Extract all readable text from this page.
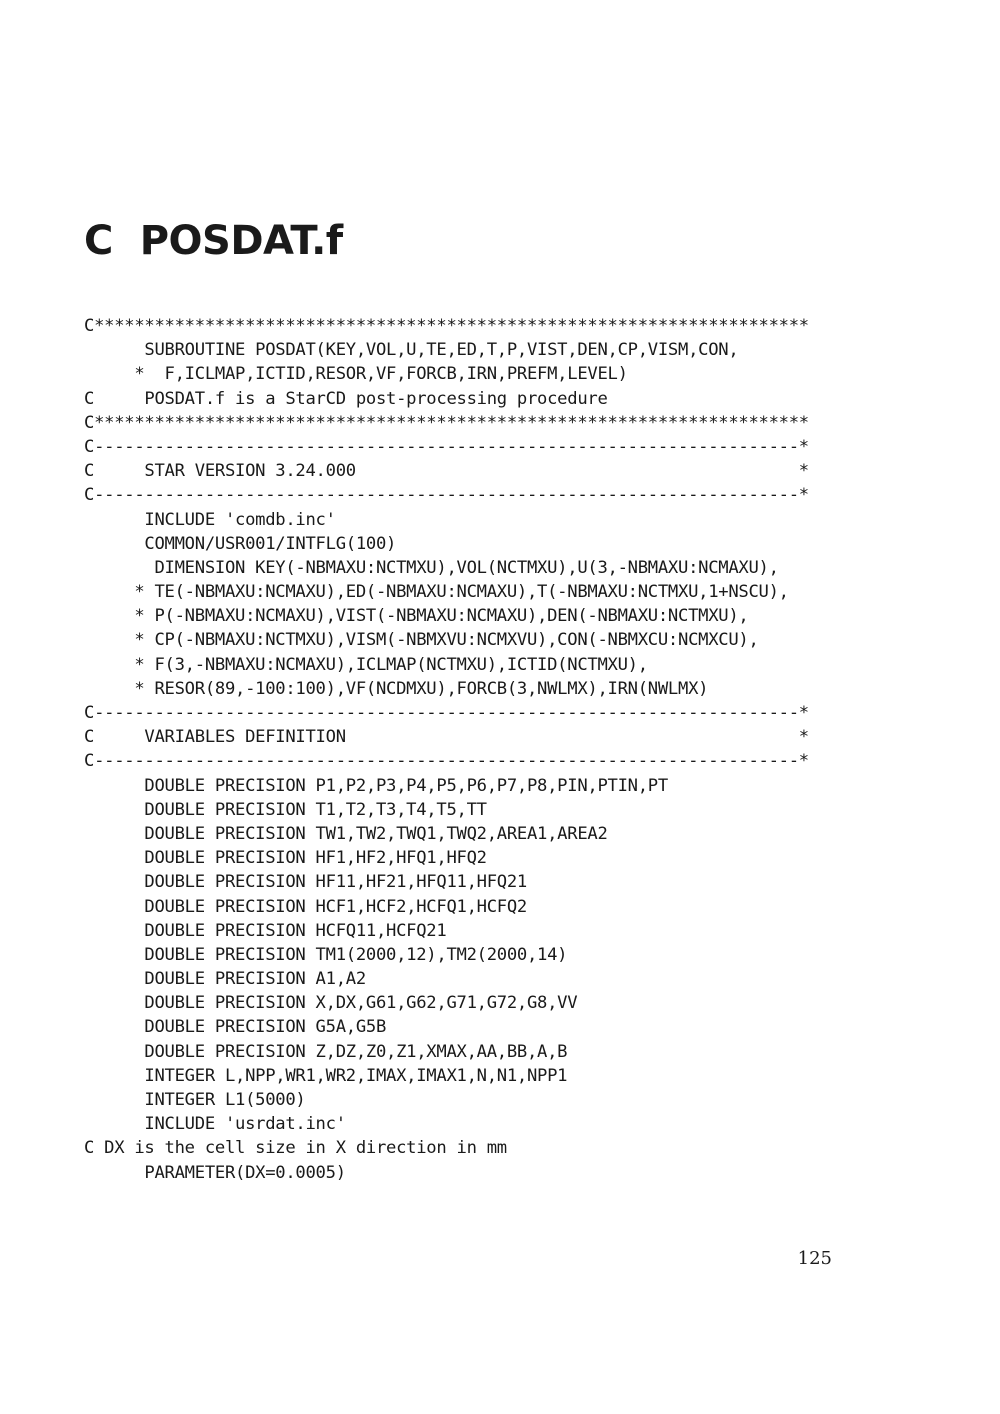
C  POSDAT.f
C***********************************************************************
SUBROUTINE POSDAT(KEY,VOL,U,TE,ED,T,P,VIST,DEN,CP,VISM,CON,
*  F,ICLMAP,ICTID,RESOR,VF,FORCB,IRN,PREFM,LEVEL)
C     POSDAT.f is a StarCD post-processing procedure
C***********************************************************************
C----------------------------------------------------------------------*
C     STAR VERSION 3.24.000                                            *
C----------------------------------------------------------------------*
INCLUDE 'comdb.inc'
COMMON/USR001/INTFLG(100)
DIMENSION KEY(-NBMAXU:NCTMXU),VOL(NCTMXU),U(3,-NBMAXU:NCMAXU),
* TE(-NBMAXU:NCMAXU),ED(-NBMAXU:NCMAXU),T(-NBMAXU:NCTMXU,1+NSCU),
* P(-NBMAXU:NCMAXU),VIST(-NBMAXU:NCMAXU),DEN(-NBMAXU:NCTMXU),
* CP(-NBMAXU:NCTMXU),VISM(-NBMXVU:NCMXVU),CON(-NBMXCU:NCMXCU),
* F(3,-NBMAXU:NCMAXU),ICLMAP(NCTMXU),ICTID(NCTMXU),
* RESOR(89,-100:100),VF(NCDMXU),FORCB(3,NWLMX),IRN(NWLMX)
C----------------------------------------------------------------------*
C     VARIABLES DEFINITION                                             *
C----------------------------------------------------------------------*
DOUBLE PRECISION P1,P2,P3,P4,P5,P6,P7,P8,PIN,PTIN,PT
DOUBLE PRECISION T1,T2,T3,T4,T5,TT
DOUBLE PRECISION TW1,TW2,TWQ1,TWQ2,AREA1,AREA2
DOUBLE PRECISION HF1,HF2,HFQ1,HFQ2
DOUBLE PRECISION HF11,HF21,HFQ11,HFQ21
DOUBLE PRECISION HCF1,HCF2,HCFQ1,HCFQ2
DOUBLE PRECISION HCFQ11,HCFQ21
DOUBLE PRECISION TM1(2000,12),TM2(2000,14)
DOUBLE PRECISION A1,A2
DOUBLE PRECISION X,DX,G61,G62,G71,G72,G8,VV
DOUBLE PRECISION G5A,G5B
DOUBLE PRECISION Z,DZ,Z0,Z1,XMAX,AA,BB,A,B
INTEGER L,NPP,WR1,WR2,IMAX,IMAX1,N,N1,NPP1
INTEGER L1(5000)
INCLUDE 'usrdat.inc'
C DX is the cell size in X direction in mm
PARAMETER(DX=0.0005)
125
